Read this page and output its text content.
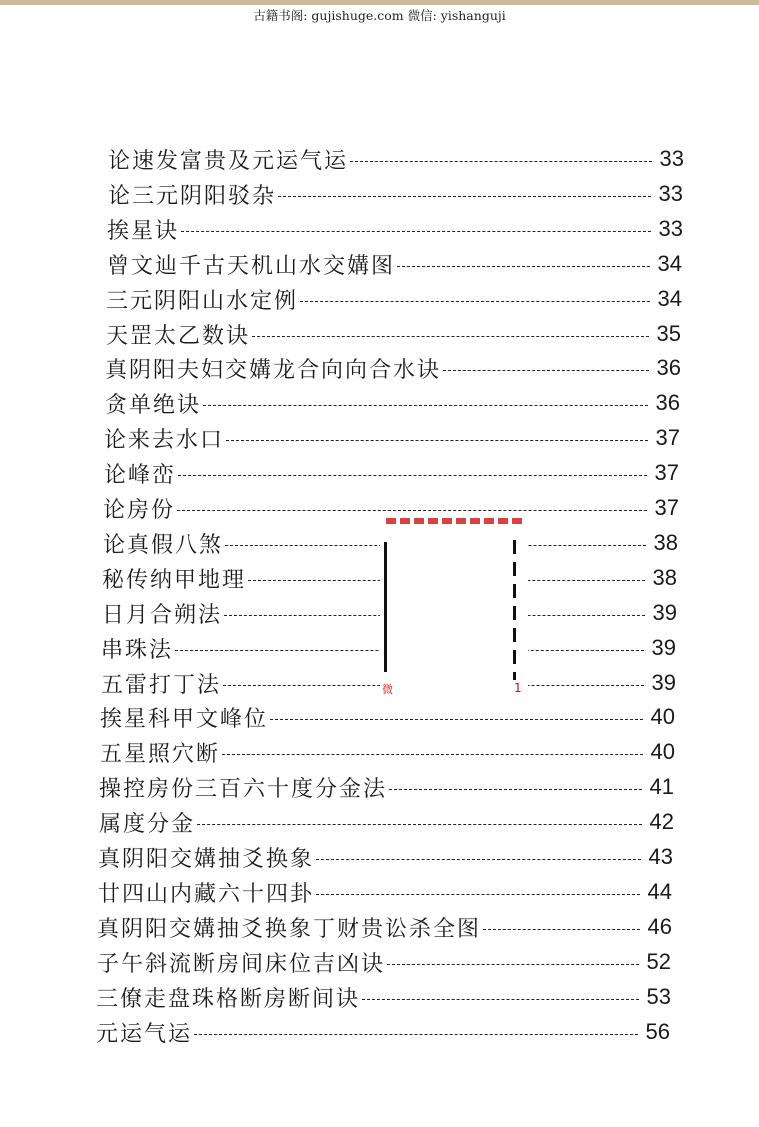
古籍书阁: gujishuge.com 微信: yishanguji
论速发富贵及元运气运	33
论三元阴阳驳杂	33
挨星诀	33
曾文辿千古天机山水交媾图	34
三元阴阳山水定例	34
天罡太乙数诀	35
真阴阳夫妇交媾龙合向向合水诀	36
贪单绝诀	36
论来去水口	37
论峰峦	37
论房份	37
论真假八煞	38
秘传纳甲地理	38
日月合朔法	39
串珠法	39
五雷打丁法	39
挨星科甲文峰位	40
五星照穴断	40
操控房份三百六十度分金法	41
属度分金	42
真阴阳交媾抽爻换象	43
廿四山内藏六十四卦	44
真阴阳交媾抽爻换象丁财贵讼杀全图	46
子午斜流断房间床位吉凶诀	52
三僚走盘珠格断房断间诀	53
元运气运	56
微	1
